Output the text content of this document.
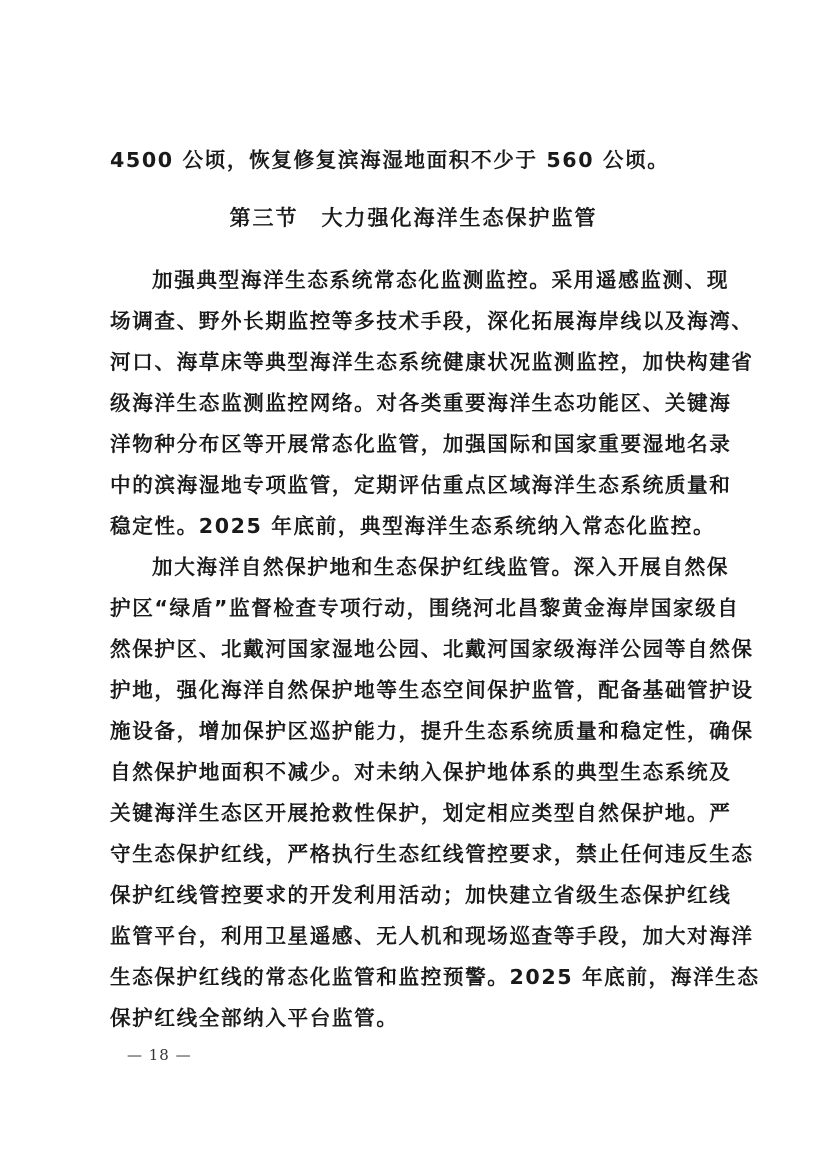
4500 公顷，恢复修复滨海湿地面积不少于 560 公顷。
第三节　大力强化海洋生态保护监管
加强典型海洋生态系统常态化监测监控。采用遥感监测、现
场调查、野外长期监控等多技术手段，深化拓展海岸线以及海湾、
河口、海草床等典型海洋生态系统健康状况监测监控，加快构建省
级海洋生态监测监控网络。对各类重要海洋生态功能区、关键海
洋物种分布区等开展常态化监管，加强国际和国家重要湿地名录
中的滨海湿地专项监管，定期评估重点区域海洋生态系统质量和
稳定性。2025 年底前，典型海洋生态系统纳入常态化监控。
加大海洋自然保护地和生态保护红线监管。深入开展自然保
护区“绿盾”监督检查专项行动，围绕河北昌黎黄金海岸国家级自
然保护区、北戴河国家湿地公园、北戴河国家级海洋公园等自然保
护地，强化海洋自然保护地等生态空间保护监管，配备基础管护设
施设备，增加保护区巡护能力，提升生态系统质量和稳定性，确保
自然保护地面积不减少。对未纳入保护地体系的典型生态系统及
关键海洋生态区开展抢救性保护，划定相应类型自然保护地。严
守生态保护红线，严格执行生态红线管控要求，禁止任何违反生态
保护红线管控要求的开发利用活动；加快建立省级生态保护红线
监管平台，利用卫星遥感、无人机和现场巡查等手段，加大对海洋
生态保护红线的常态化监管和监控预警。2025 年底前，海洋生态
保护红线全部纳入平台监管。
— 18 —
